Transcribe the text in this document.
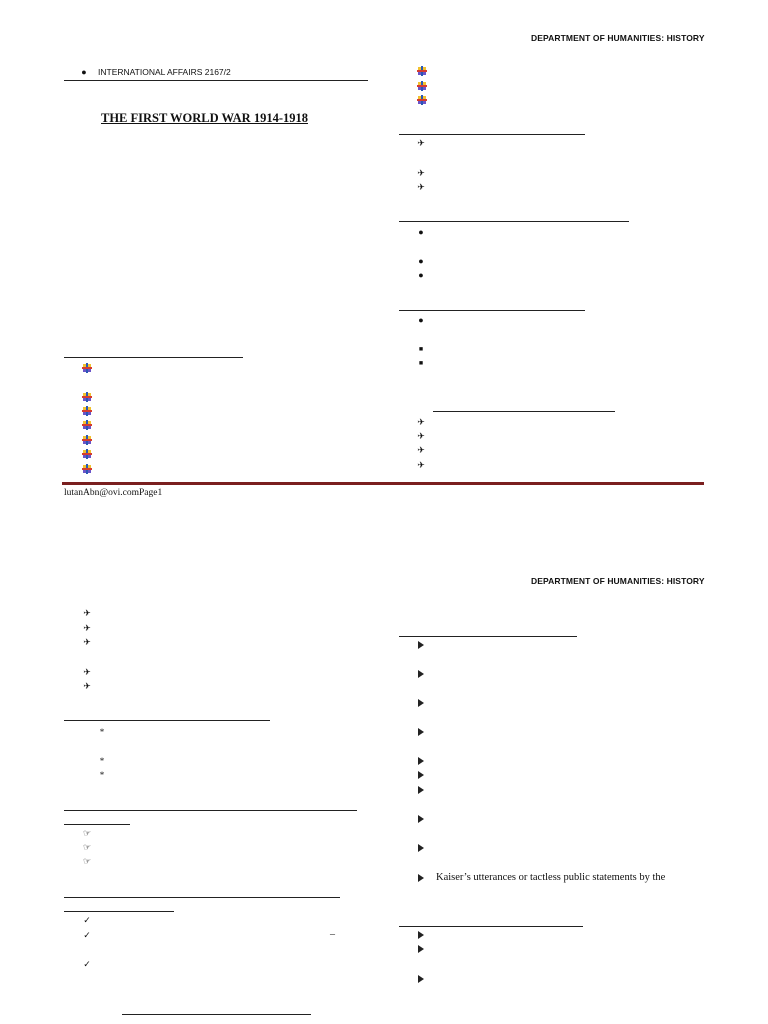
DEPARTMENT OF HUMANITIES: HISTORY
●	INTERNATIONAL AFFAIRS 2167/2
THE FIRST WORLD WAR 1914-1918
✈
✈
✈
●
●
●
●
■
■
✈
✈
✈
✈
lutanAbn@ovi.comPage1
DEPARTMENT OF HUMANITIES: HISTORY
✈
✈
✈
✈
✈
*
*
*
☞
☞
☞
✓
✓	–
✓
Kaiser’s utterances or tactless public statements by the
